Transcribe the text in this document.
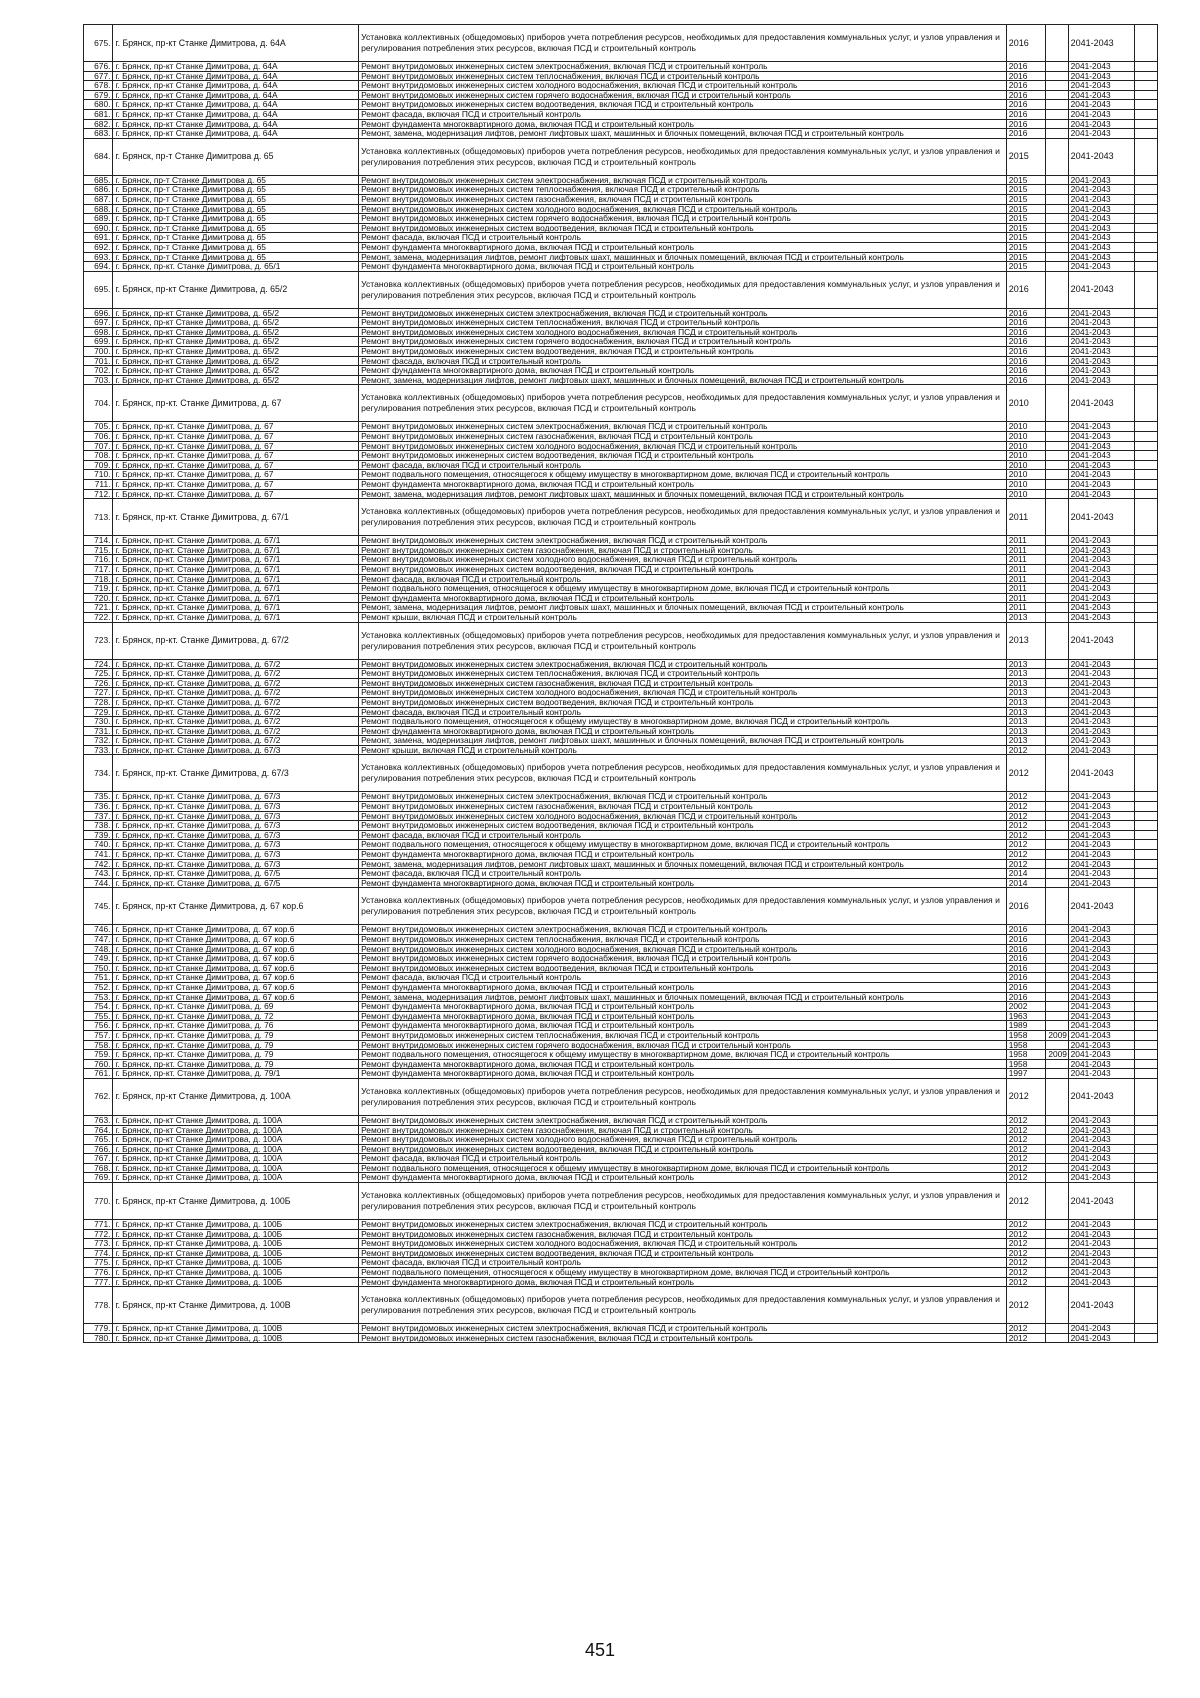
675.	г. Брянск, пр-кт Станке Димитрова, д. 64А	Установка коллективных (общедомовых) приборов учета потребления ресурсов, необходимых для предоставления коммунальных услуг, и узлов управления и регулирования потребления этих ресурсов, включая ПСД и строительный контроль	2016		2041-2043	
676.	г. Брянск, пр-кт Станке Димитрова, д. 64А	Ремонт внутридомовых инженерных систем электроснабжения, включая ПСД и строительный контроль	2016		2041-2043	
677.	г. Брянск, пр-кт Станке Димитрова, д. 64А	Ремонт внутридомовых инженерных систем теплоснабжения, включая ПСД и строительный контроль	2016		2041-2043	
678.	г. Брянск, пр-кт Станке Димитрова, д. 64А	Ремонт внутридомовых инженерных систем холодного водоснабжения, включая ПСД и строительный контроль	2016		2041-2043	
679.	г. Брянск, пр-кт Станке Димитрова, д. 64А	Ремонт внутридомовых инженерных систем горячего водоснабжения, включая ПСД и строительный контроль	2016		2041-2043	
680.	г. Брянск, пр-кт Станке Димитрова, д. 64А	Ремонт внутридомовых инженерных систем водоотведения, включая ПСД и строительный контроль	2016		2041-2043	
681.	г. Брянск, пр-кт Станке Димитрова, д. 64А	Ремонт фасада, включая ПСД и строительный контроль	2016		2041-2043	
682.	г. Брянск, пр-кт Станке Димитрова, д. 64А	Ремонт фундамента многоквартирного дома, включая ПСД и строительный контроль	2016		2041-2043	
683.	г. Брянск, пр-кт Станке Димитрова, д. 64А	Ремонт, замена, модернизация лифтов, ремонт лифтовых шахт, машинных и блочных помещений, включая ПСД и строительный контроль	2016		2041-2043	
684.	г. Брянск, пр-т Станке Димитрова д. 65	Установка коллективных (общедомовых) приборов учета потребления ресурсов, необходимых для предоставления коммунальных услуг, и узлов управления и регулирования потребления этих ресурсов, включая ПСД и строительный контроль	2015		2041-2043	
685.	г. Брянск, пр-т Станке Димитрова д. 65	Ремонт внутридомовых инженерных систем электроснабжения, включая ПСД и строительный контроль	2015		2041-2043	
686.	г. Брянск, пр-т Станке Димитрова д. 65	Ремонт внутридомовых инженерных систем теплоснабжения, включая ПСД и строительный контроль	2015		2041-2043	
687.	г. Брянск, пр-т Станке Димитрова д. 65	Ремонт внутридомовых инженерных систем газоснабжения, включая ПСД и строительный контроль	2015		2041-2043	
688.	г. Брянск, пр-т Станке Димитрова д. 65	Ремонт внутридомовых инженерных систем холодного водоснабжения, включая ПСД и строительный контроль	2015		2041-2043	
689.	г. Брянск, пр-т Станке Димитрова д. 65	Ремонт внутридомовых инженерных систем горячего водоснабжения, включая ПСД и строительный контроль	2015		2041-2043	
690.	г. Брянск, пр-т Станке Димитрова д. 65	Ремонт внутридомовых инженерных систем водоотведения, включая ПСД и строительный контроль	2015		2041-2043	
691.	г. Брянск, пр-т Станке Димитрова д. 65	Ремонт фасада, включая ПСД и строительный контроль	2015		2041-2043	
692.	г. Брянск, пр-т Станке Димитрова д. 65	Ремонт фундамента многоквартирного дома, включая ПСД и строительный контроль	2015		2041-2043	
693.	г. Брянск, пр-т Станке Димитрова д. 65	Ремонт, замена, модернизация лифтов, ремонт лифтовых шахт, машинных и блочных помещений, включая ПСД и строительный контроль	2015		2041-2043	
694.	г. Брянск, пр-кт. Станке Димитрова, д. 65/1	Ремонт фундамента многоквартирного дома, включая ПСД и строительный контроль	2015		2041-2043	
695.	г. Брянск, пр-кт Станке Димитрова, д. 65/2	Установка коллективных (общедомовых) приборов учета потребления ресурсов, необходимых для предоставления коммунальных услуг, и узлов управления и регулирования потребления этих ресурсов, включая ПСД и строительный контроль	2016		2041-2043	
696.	г. Брянск, пр-кт Станке Димитрова, д. 65/2	Ремонт внутридомовых инженерных систем электроснабжения, включая ПСД и строительный контроль	2016		2041-2043	
697.	г. Брянск, пр-кт Станке Димитрова, д. 65/2	Ремонт внутридомовых инженерных систем теплоснабжения, включая ПСД и строительный контроль	2016		2041-2043	
698.	г. Брянск, пр-кт Станке Димитрова, д. 65/2	Ремонт внутридомовых инженерных систем холодного водоснабжения, включая ПСД и строительный контроль	2016		2041-2043	
699.	г. Брянск, пр-кт Станке Димитрова, д. 65/2	Ремонт внутридомовых инженерных систем горячего водоснабжения, включая ПСД и строительный контроль	2016		2041-2043	
700.	г. Брянск, пр-кт Станке Димитрова, д. 65/2	Ремонт внутридомовых инженерных систем водоотведения, включая ПСД и строительный контроль	2016		2041-2043	
701.	г. Брянск, пр-кт Станке Димитрова, д. 65/2	Ремонт фасада, включая ПСД и строительный контроль	2016		2041-2043	
702.	г. Брянск, пр-кт Станке Димитрова, д. 65/2	Ремонт фундамента многоквартирного дома, включая ПСД и строительный контроль	2016		2041-2043	
703.	г. Брянск, пр-кт Станке Димитрова, д. 65/2	Ремонт, замена, модернизация лифтов, ремонт лифтовых шахт, машинных и блочных помещений, включая ПСД и строительный контроль	2016		2041-2043	
704.	г. Брянск, пр-кт. Станке Димитрова, д. 67	Установка коллективных (общедомовых) приборов учета потребления ресурсов, необходимых для предоставления коммунальных услуг, и узлов управления и регулирования потребления этих ресурсов, включая ПСД и строительный контроль	2010		2041-2043	
705.	г. Брянск, пр-кт. Станке Димитрова, д. 67	Ремонт внутридомовых инженерных систем электроснабжения, включая ПСД и строительный контроль	2010		2041-2043	
706.	г. Брянск, пр-кт. Станке Димитрова, д. 67	Ремонт внутридомовых инженерных систем газоснабжения, включая ПСД и строительный контроль	2010		2041-2043	
707.	г. Брянск, пр-кт. Станке Димитрова, д. 67	Ремонт внутридомовых инженерных систем холодного водоснабжения, включая ПСД и строительный контроль	2010		2041-2043	
708.	г. Брянск, пр-кт. Станке Димитрова, д. 67	Ремонт внутридомовых инженерных систем водоотведения, включая ПСД и строительный контроль	2010		2041-2043	
709.	г. Брянск, пр-кт. Станке Димитрова, д. 67	Ремонт фасада, включая ПСД и строительный контроль	2010		2041-2043	
710.	г. Брянск, пр-кт. Станке Димитрова, д. 67	Ремонт подвального помещения, относящегося к общему имуществу в многоквартирном доме, включая ПСД и строительный контроль	2010		2041-2043	
711.	г. Брянск, пр-кт. Станке Димитрова, д. 67	Ремонт фундамента многоквартирного дома, включая ПСД и строительный контроль	2010		2041-2043	
712.	г. Брянск, пр-кт. Станке Димитрова, д. 67	Ремонт, замена, модернизация лифтов, ремонт лифтовых шахт, машинных и блочных помещений, включая ПСД и строительный контроль	2010		2041-2043	
713.	г. Брянск, пр-кт. Станке Димитрова, д. 67/1	Установка коллективных (общедомовых) приборов учета потребления ресурсов, необходимых для предоставления коммунальных услуг, и узлов управления и регулирования потребления этих ресурсов, включая ПСД и строительный контроль	2011		2041-2043	
714.	г. Брянск, пр-кт. Станке Димитрова, д. 67/1	Ремонт внутридомовых инженерных систем электроснабжения, включая ПСД и строительный контроль	2011		2041-2043	
715.	г. Брянск, пр-кт. Станке Димитрова, д. 67/1	Ремонт внутридомовых инженерных систем газоснабжения, включая ПСД и строительный контроль	2011		2041-2043	
716.	г. Брянск, пр-кт. Станке Димитрова, д. 67/1	Ремонт внутридомовых инженерных систем холодного водоснабжения, включая ПСД и строительный контроль	2011		2041-2043	
717.	г. Брянск, пр-кт. Станке Димитрова, д. 67/1	Ремонт внутридомовых инженерных систем водоотведения, включая ПСД и строительный контроль	2011		2041-2043	
718.	г. Брянск, пр-кт. Станке Димитрова, д. 67/1	Ремонт фасада, включая ПСД и строительный контроль	2011		2041-2043	
719.	г. Брянск, пр-кт. Станке Димитрова, д. 67/1	Ремонт подвального помещения, относящегося к общему имуществу в многоквартирном доме, включая ПСД и строительный контроль	2011		2041-2043	
720.	г. Брянск, пр-кт. Станке Димитрова, д. 67/1	Ремонт фундамента многоквартирного дома, включая ПСД и строительный контроль	2011		2041-2043	
721.	г. Брянск, пр-кт. Станке Димитрова, д. 67/1	Ремонт, замена, модернизация лифтов, ремонт лифтовых шахт, машинных и блочных помещений, включая ПСД и строительный контроль	2011		2041-2043	
722.	г. Брянск, пр-кт. Станке Димитрова, д. 67/1	Ремонт крыши, включая ПСД и строительный контроль	2013		2041-2043	
723.	г. Брянск, пр-кт. Станке Димитрова, д. 67/2	Установка коллективных (общедомовых) приборов учета потребления ресурсов, необходимых для предоставления коммунальных услуг, и узлов управления и регулирования потребления этих ресурсов, включая ПСД и строительный контроль	2013		2041-2043	
724.	г. Брянск, пр-кт. Станке Димитрова, д. 67/2	Ремонт внутридомовых инженерных систем электроснабжения, включая ПСД и строительный контроль	2013		2041-2043	
725.	г. Брянск, пр-кт. Станке Димитрова, д. 67/2	Ремонт внутридомовых инженерных систем теплоснабжения, включая ПСД и строительный контроль	2013		2041-2043	
726.	г. Брянск, пр-кт. Станке Димитрова, д. 67/2	Ремонт внутридомовых инженерных систем газоснабжения, включая ПСД и строительный контроль	2013		2041-2043	
727.	г. Брянск, пр-кт. Станке Димитрова, д. 67/2	Ремонт внутридомовых инженерных систем холодного водоснабжения, включая ПСД и строительный контроль	2013		2041-2043	
728.	г. Брянск, пр-кт. Станке Димитрова, д. 67/2	Ремонт внутридомовых инженерных систем водоотведения, включая ПСД и строительный контроль	2013		2041-2043	
729.	г. Брянск, пр-кт. Станке Димитрова, д. 67/2	Ремонт фасада, включая ПСД и строительный контроль	2013		2041-2043	
730.	г. Брянск, пр-кт. Станке Димитрова, д. 67/2	Ремонт подвального помещения, относящегося к общему имуществу в многоквартирном доме, включая ПСД и строительный контроль	2013		2041-2043	
731.	г. Брянск, пр-кт. Станке Димитрова, д. 67/2	Ремонт фундамента многоквартирного дома, включая ПСД и строительный контроль	2013		2041-2043	
732.	г. Брянск, пр-кт. Станке Димитрова, д. 67/2	Ремонт, замена, модернизация лифтов, ремонт лифтовых шахт, машинных и блочных помещений, включая ПСД и строительный контроль	2013		2041-2043	
733.	г. Брянск, пр-кт. Станке Димитрова, д. 67/3	Ремонт крыши, включая ПСД и строительный контроль	2012		2041-2043	
734.	г. Брянск, пр-кт. Станке Димитрова, д. 67/3	Установка коллективных (общедомовых) приборов учета потребления ресурсов, необходимых для предоставления коммунальных услуг, и узлов управления и регулирования потребления этих ресурсов, включая ПСД и строительный контроль	2012		2041-2043	
735.	г. Брянск, пр-кт. Станке Димитрова, д. 67/3	Ремонт внутридомовых инженерных систем электроснабжения, включая ПСД и строительный контроль	2012		2041-2043	
736.	г. Брянск, пр-кт. Станке Димитрова, д. 67/3	Ремонт внутридомовых инженерных систем газоснабжения, включая ПСД и строительный контроль	2012		2041-2043	
737.	г. Брянск, пр-кт. Станке Димитрова, д. 67/3	Ремонт внутридомовых инженерных систем холодного водоснабжения, включая ПСД и строительный контроль	2012		2041-2043	
738.	г. Брянск, пр-кт. Станке Димитрова, д. 67/3	Ремонт внутридомовых инженерных систем водоотведения, включая ПСД и строительный контроль	2012		2041-2043	
739.	г. Брянск, пр-кт. Станке Димитрова, д. 67/3	Ремонт фасада, включая ПСД и строительный контроль	2012		2041-2043	
740.	г. Брянск, пр-кт. Станке Димитрова, д. 67/3	Ремонт подвального помещения, относящегося к общему имуществу в многоквартирном доме, включая ПСД и строительный контроль	2012		2041-2043	
741.	г. Брянск, пр-кт. Станке Димитрова, д. 67/3	Ремонт фундамента многоквартирного дома, включая ПСД и строительный контроль	2012		2041-2043	
742.	г. Брянск, пр-кт. Станке Димитрова, д. 67/3	Ремонт, замена, модернизация лифтов, ремонт лифтовых шахт, машинных и блочных помещений, включая ПСД и строительный контроль	2012		2041-2043	
743.	г. Брянск, пр-кт. Станке Димитрова, д. 67/5	Ремонт фасада, включая ПСД и строительный контроль	2014		2041-2043	
744.	г. Брянск, пр-кт. Станке Димитрова, д. 67/5	Ремонт фундамента многоквартирного дома, включая ПСД и строительный контроль	2014		2041-2043	
745.	г. Брянск, пр-кт Станке Димитрова, д. 67 кор.6	Установка коллективных (общедомовых) приборов учета потребления ресурсов, необходимых для предоставления коммунальных услуг, и узлов управления и регулирования потребления этих ресурсов, включая ПСД и строительный контроль	2016		2041-2043	
746.	г. Брянск, пр-кт Станке Димитрова, д. 67 кор.6	Ремонт внутридомовых инженерных систем электроснабжения, включая ПСД и строительный контроль	2016		2041-2043	
747.	г. Брянск, пр-кт Станке Димитрова, д. 67 кор.6	Ремонт внутридомовых инженерных систем теплоснабжения, включая ПСД и строительный контроль	2016		2041-2043	
748.	г. Брянск, пр-кт Станке Димитрова, д. 67 кор.6	Ремонт внутридомовых инженерных систем холодного водоснабжения, включая ПСД и строительный контроль	2016		2041-2043	
749.	г. Брянск, пр-кт Станке Димитрова, д. 67 кор.6	Ремонт внутридомовых инженерных систем горячего водоснабжения, включая ПСД и строительный контроль	2016		2041-2043	
750.	г. Брянск, пр-кт Станке Димитрова, д. 67 кор.6	Ремонт внутридомовых инженерных систем водоотведения, включая ПСД и строительный контроль	2016		2041-2043	
751.	г. Брянск, пр-кт Станке Димитрова, д. 67 кор.6	Ремонт фасада, включая ПСД и строительный контроль	2016		2041-2043	
752.	г. Брянск, пр-кт Станке Димитрова, д. 67 кор.6	Ремонт фундамента многоквартирного дома, включая ПСД и строительный контроль	2016		2041-2043	
753.	г. Брянск, пр-кт Станке Димитрова, д. 67 кор.6	Ремонт, замена, модернизация лифтов, ремонт лифтовых шахт, машинных и блочных помещений, включая ПСД и строительный контроль	2016		2041-2043	
754.	г. Брянск, пр-кт. Станке Димитрова, д. 69	Ремонт фундамента многоквартирного дома, включая ПСД и строительный контроль	2002		2041-2043	
755.	г. Брянск, пр-кт. Станке Димитрова, д. 72	Ремонт фундамента многоквартирного дома, включая ПСД и строительный контроль	1963		2041-2043	
756.	г. Брянск, пр-кт. Станке Димитрова, д. 76	Ремонт фундамента многоквартирного дома, включая ПСД и строительный контроль	1989		2041-2043	
757.	г. Брянск, пр-кт. Станке Димитрова, д. 79	Ремонт внутридомовых инженерных систем теплоснабжения, включая ПСД и строительный контроль	1958	2009	2041-2043	
758.	г. Брянск, пр-кт. Станке Димитрова, д. 79	Ремонт внутридомовых инженерных систем горячего водоснабжения, включая ПСД и строительный контроль	1958		2041-2043	
759.	г. Брянск, пр-кт. Станке Димитрова, д. 79	Ремонт подвального помещения, относящегося к общему имуществу в многоквартирном доме, включая ПСД и строительный контроль	1958	2009	2041-2043	
760.	г. Брянск, пр-кт. Станке Димитрова, д. 79	Ремонт фундамента многоквартирного дома, включая ПСД и строительный контроль	1958		2041-2043	
761.	г. Брянск, пр-кт. Станке Димитрова, д. 79/1	Ремонт фундамента многоквартирного дома, включая ПСД и строительный контроль	1997		2041-2043	
762.	г. Брянск, пр-кт Станке Димитрова, д. 100А	Установка коллективных (общедомовых) приборов учета потребления ресурсов, необходимых для предоставления коммунальных услуг, и узлов управления и регулирования потребления этих ресурсов, включая ПСД и строительный контроль	2012		2041-2043	
763.	г. Брянск, пр-кт Станке Димитрова, д. 100А	Ремонт внутридомовых инженерных систем электроснабжения, включая ПСД и строительный контроль	2012		2041-2043	
764.	г. Брянск, пр-кт Станке Димитрова, д. 100А	Ремонт внутридомовых инженерных систем газоснабжения, включая ПСД и строительный контроль	2012		2041-2043	
765.	г. Брянск, пр-кт Станке Димитрова, д. 100А	Ремонт внутридомовых инженерных систем холодного водоснабжения, включая ПСД и строительный контроль	2012		2041-2043	
766.	г. Брянск, пр-кт Станке Димитрова, д. 100А	Ремонт внутридомовых инженерных систем водоотведения, включая ПСД и строительный контроль	2012		2041-2043	
767.	г. Брянск, пр-кт Станке Димитрова, д. 100А	Ремонт фасада, включая ПСД и строительный контроль	2012		2041-2043	
768.	г. Брянск, пр-кт Станке Димитрова, д. 100А	Ремонт подвального помещения, относящегося к общему имуществу в многоквартирном доме, включая ПСД и строительный контроль	2012		2041-2043	
769.	г. Брянск, пр-кт Станке Димитрова, д. 100А	Ремонт фундамента многоквартирного дома, включая ПСД и строительный контроль	2012		2041-2043	
770.	г. Брянск, пр-кт Станке Димитрова, д. 100Б	Установка коллективных (общедомовых) приборов учета потребления ресурсов, необходимых для предоставления коммунальных услуг, и узлов управления и регулирования потребления этих ресурсов, включая ПСД и строительный контроль	2012		2041-2043	
771.	г. Брянск, пр-кт Станке Димитрова, д. 100Б	Ремонт внутридомовых инженерных систем электроснабжения, включая ПСД и строительный контроль	2012		2041-2043	
772.	г. Брянск, пр-кт Станке Димитрова, д. 100Б	Ремонт внутридомовых инженерных систем газоснабжения, включая ПСД и строительный контроль	2012		2041-2043	
773.	г. Брянск, пр-кт Станке Димитрова, д. 100Б	Ремонт внутридомовых инженерных систем холодного водоснабжения, включая ПСД и строительный контроль	2012		2041-2043	
774.	г. Брянск, пр-кт Станке Димитрова, д. 100Б	Ремонт внутридомовых инженерных систем водоотведения, включая ПСД и строительный контроль	2012		2041-2043	
775.	г. Брянск, пр-кт Станке Димитрова, д. 100Б	Ремонт фасада, включая ПСД и строительный контроль	2012		2041-2043	
776.	г. Брянск, пр-кт Станке Димитрова, д. 100Б	Ремонт подвального помещения, относящегося к общему имуществу в многоквартирном доме, включая ПСД и строительный контроль	2012		2041-2043	
777.	г. Брянск, пр-кт Станке Димитрова, д. 100Б	Ремонт фундамента многоквартирного дома, включая ПСД и строительный контроль	2012		2041-2043	
778.	г. Брянск, пр-кт Станке Димитрова, д. 100В	Установка коллективных (общедомовых) приборов учета потребления ресурсов, необходимых для предоставления коммунальных услуг, и узлов управления и регулирования потребления этих ресурсов, включая ПСД и строительный контроль	2012		2041-2043	
779.	г. Брянск, пр-кт Станке Димитрова, д. 100В	Ремонт внутридомовых инженерных систем электроснабжения, включая ПСД и строительный контроль	2012		2041-2043	
780.	г. Брянск, пр-кт Станке Димитрова, д. 100В	Ремонт внутридомовых инженерных систем газоснабжения, включая ПСД и строительный контроль	2012		2041-2043	
451
